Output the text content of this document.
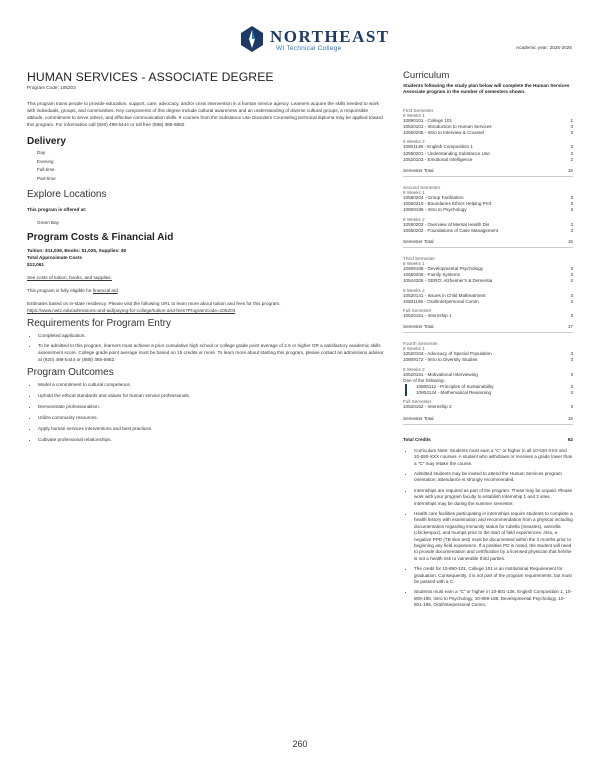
NORTHEAST
WI Technical College	Academic year: 2025-2026
HUMAN SERVICES - ASSOCIATE DEGREE
Program Code: 105203

This program trains people to provide education, support, care, advocacy, and/or crisis intervention in a human service agency. Learners acquire the skills needed to work with individuals, groups, and communities. Key components of this degree include cultural awareness and an understanding of diverse cultural groups, a responsible attitude, commitment to serve others, and effective communication skills. 9 courses from the Substance Use Disorders Counseling technical diploma may be applied toward this program. For information call (920) 498-5444 or toll free (888) 385-6982.

Delivery
Day
Evening
Full-time
Part-time
Explore Locations

This program is offered at:

Green Bay
Program Costs & Financial Aid

Tuition: $11,036, Books: $1,025, Supplies: $0

Total Approximate Costs

$12,061

See costs of tuition, books, and supplies.

This program is fully eligible for financial aid.

Estimates based on in-state residency. Please visit the following URL to learn more about tuition and fees for this program.

https://www.nwtc.edu/admissions-and-aid/paying-for-college/tuition-and-fees?ProgramCode=105203

Requirements for Program Entry
• Completed application.
• To be admitted to this program, learners must achieve a prior cumulative high school or college grade point average of 2.6 or higher OR a satisfactory academic skills assessment score. College grade point average must be based on 15 credits or more. To learn more about starting this program, please contact an admissions advisor at (920) 498-5444 or (888) 385-6982.
Program Outcomes
• Model a commitment to cultural competence.
• Uphold the ethical standards and values for human service professionals.
• Demonstrate professionalism.
• Utilize community resources.
• Apply human services interventions and best practices.
• Cultivate professional relationships.
Curriculum
Students following the study plan below will complete the Human Services Associate program in the number of semesters shown.
First Semester
8 Weeks 1
10890101 - College 101	1
10520101 - Introduction to Human Services	3
10550205 - Intro to Interview & Counsel	3
8 Weeks 2
10801136 - English Composition 1	3
10550201 - Understanding Substance Use	3
10520103 - Emotional Intelligence	2
Semester Total	15
Second Semester
8 Weeks 1
10550204 - Group Facilitation	3
10550210 - Boundaries Ethics Helping Prof	3
10809198 - Intro to Psychology	3
8 Weeks 2
10550203 - Overview of Mental Health Dis	3
10550202 - Foundations of Case Management	3
Semester Total	15
Third Semester
8 Weeks 1
10809188 - Developmental Psychology	3
10550206 - Family Systems	3
10544205 - GERO: Alzheimer's & Dementia	2
8 Weeks 2
10520141 - Issues in Child Maltreatment	3
10801196 - Oral/Interpersonal Comm	3
Full Semester
10520151 - Internship 1	3
Semester Total	17
Fourth Semester
8 Weeks 1
10520104 - Advocacy of Special Population	3
10809172 - Intro to Diversity Studies	3
8 Weeks 2
10520181 - Motivational Interviewing	3
One of the following:
10806112 - Principles of Sustainability	3
10804134 - Mathematical Reasoning	3
Full Semester
10520152 - Internship 2	3
Semester Total	15
Total Credits	62
• Curriculum Note: Students must earn a "C" or higher in all 10-520-XXX and 10-550-XXX courses. A student who withdraws or receives a grade lower than a "C" may retake the course.
• Admitted students may be invited to attend the Human Services program orientation; attendance is strongly recommended.
• Internships are required as part of the program. These may be unpaid. Please work with your program faculty to establish Internship 1 and 2 sites. Internships may be during the summer semester.
• Health care facilities participating in internships require students to complete a health history with examination and recommendation from a physical including documentation regarding immunity status for rubella (measles), varicella (chickenpox), and mumps prior to the start of field experiences. Also, a negative PPD (TB skin test) must be documented within the 3 months prior to beginning any field experience. If a positive PD is noted, the student will need to provide documentation and certification by a licensed physician that he/she is not a health risk to vulnerable third parties.
• The credit for 10-890-101, College 101 is an Institutional Requirement for graduation. Consequently, it is not part of the program requirements, but must be passed with a C.
• Students must earn a "C" or higher in 10-801-136, English Composition 1, 10-809-198, Intro to Psychology, 10-809-188, Developmental Psychology, 10-801-196, Oral/Interpersonal Comm,
260
